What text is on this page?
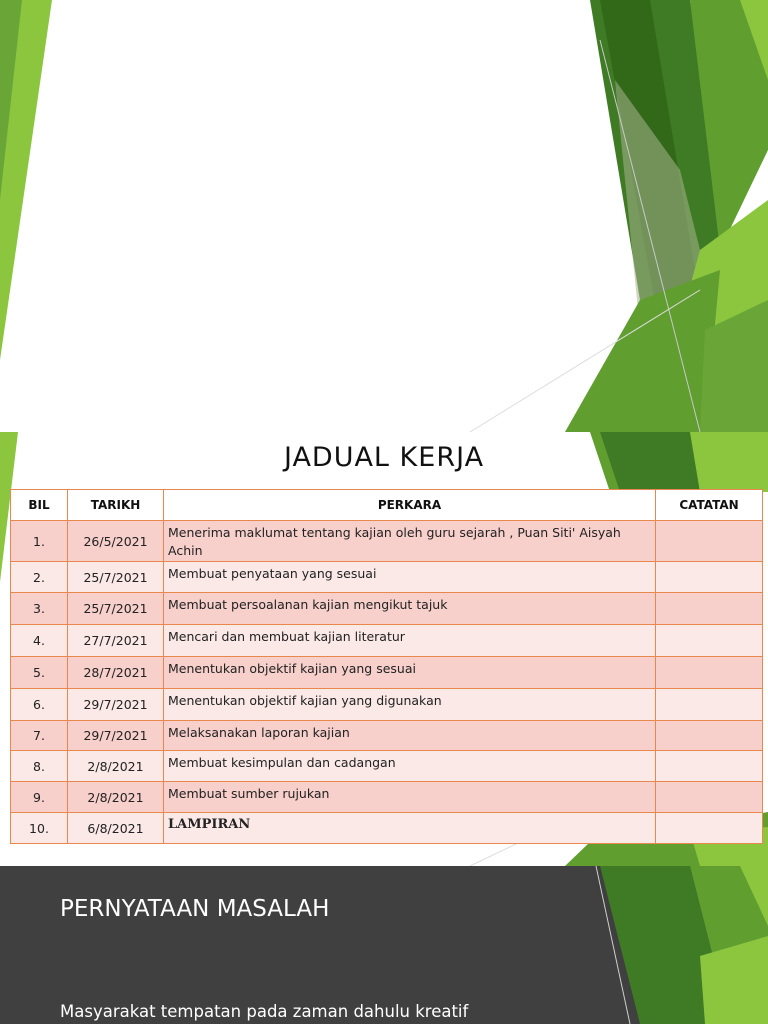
JADUAL KERJA
BIL	TARIKH	PERKARA	CATATAN
1.	26/5/2021	Menerima maklumat tentang kajian oleh guru sejarah , Puan Siti' Aisyah Achin	
2.	25/7/2021	Membuat penyataan yang sesuai	
3.	25/7/2021	Membuat persoalanan kajian mengikut tajuk	
4.	27/7/2021	Mencari dan membuat kajian literatur	
5.	28/7/2021	Menentukan objektif kajian yang sesuai	
6.	29/7/2021	Menentukan objektif kajian yang digunakan	
7.	29/7/2021	Melaksanakan laporan kajian	
8.	2/8/2021	Membuat kesimpulan dan cadangan	
9.	2/8/2021	Membuat sumber rujukan	
10.	6/8/2021	LAMPIRAN	
PERNYATAAN MASALAH
Masyarakat tempatan pada zaman dahulu kreatif
